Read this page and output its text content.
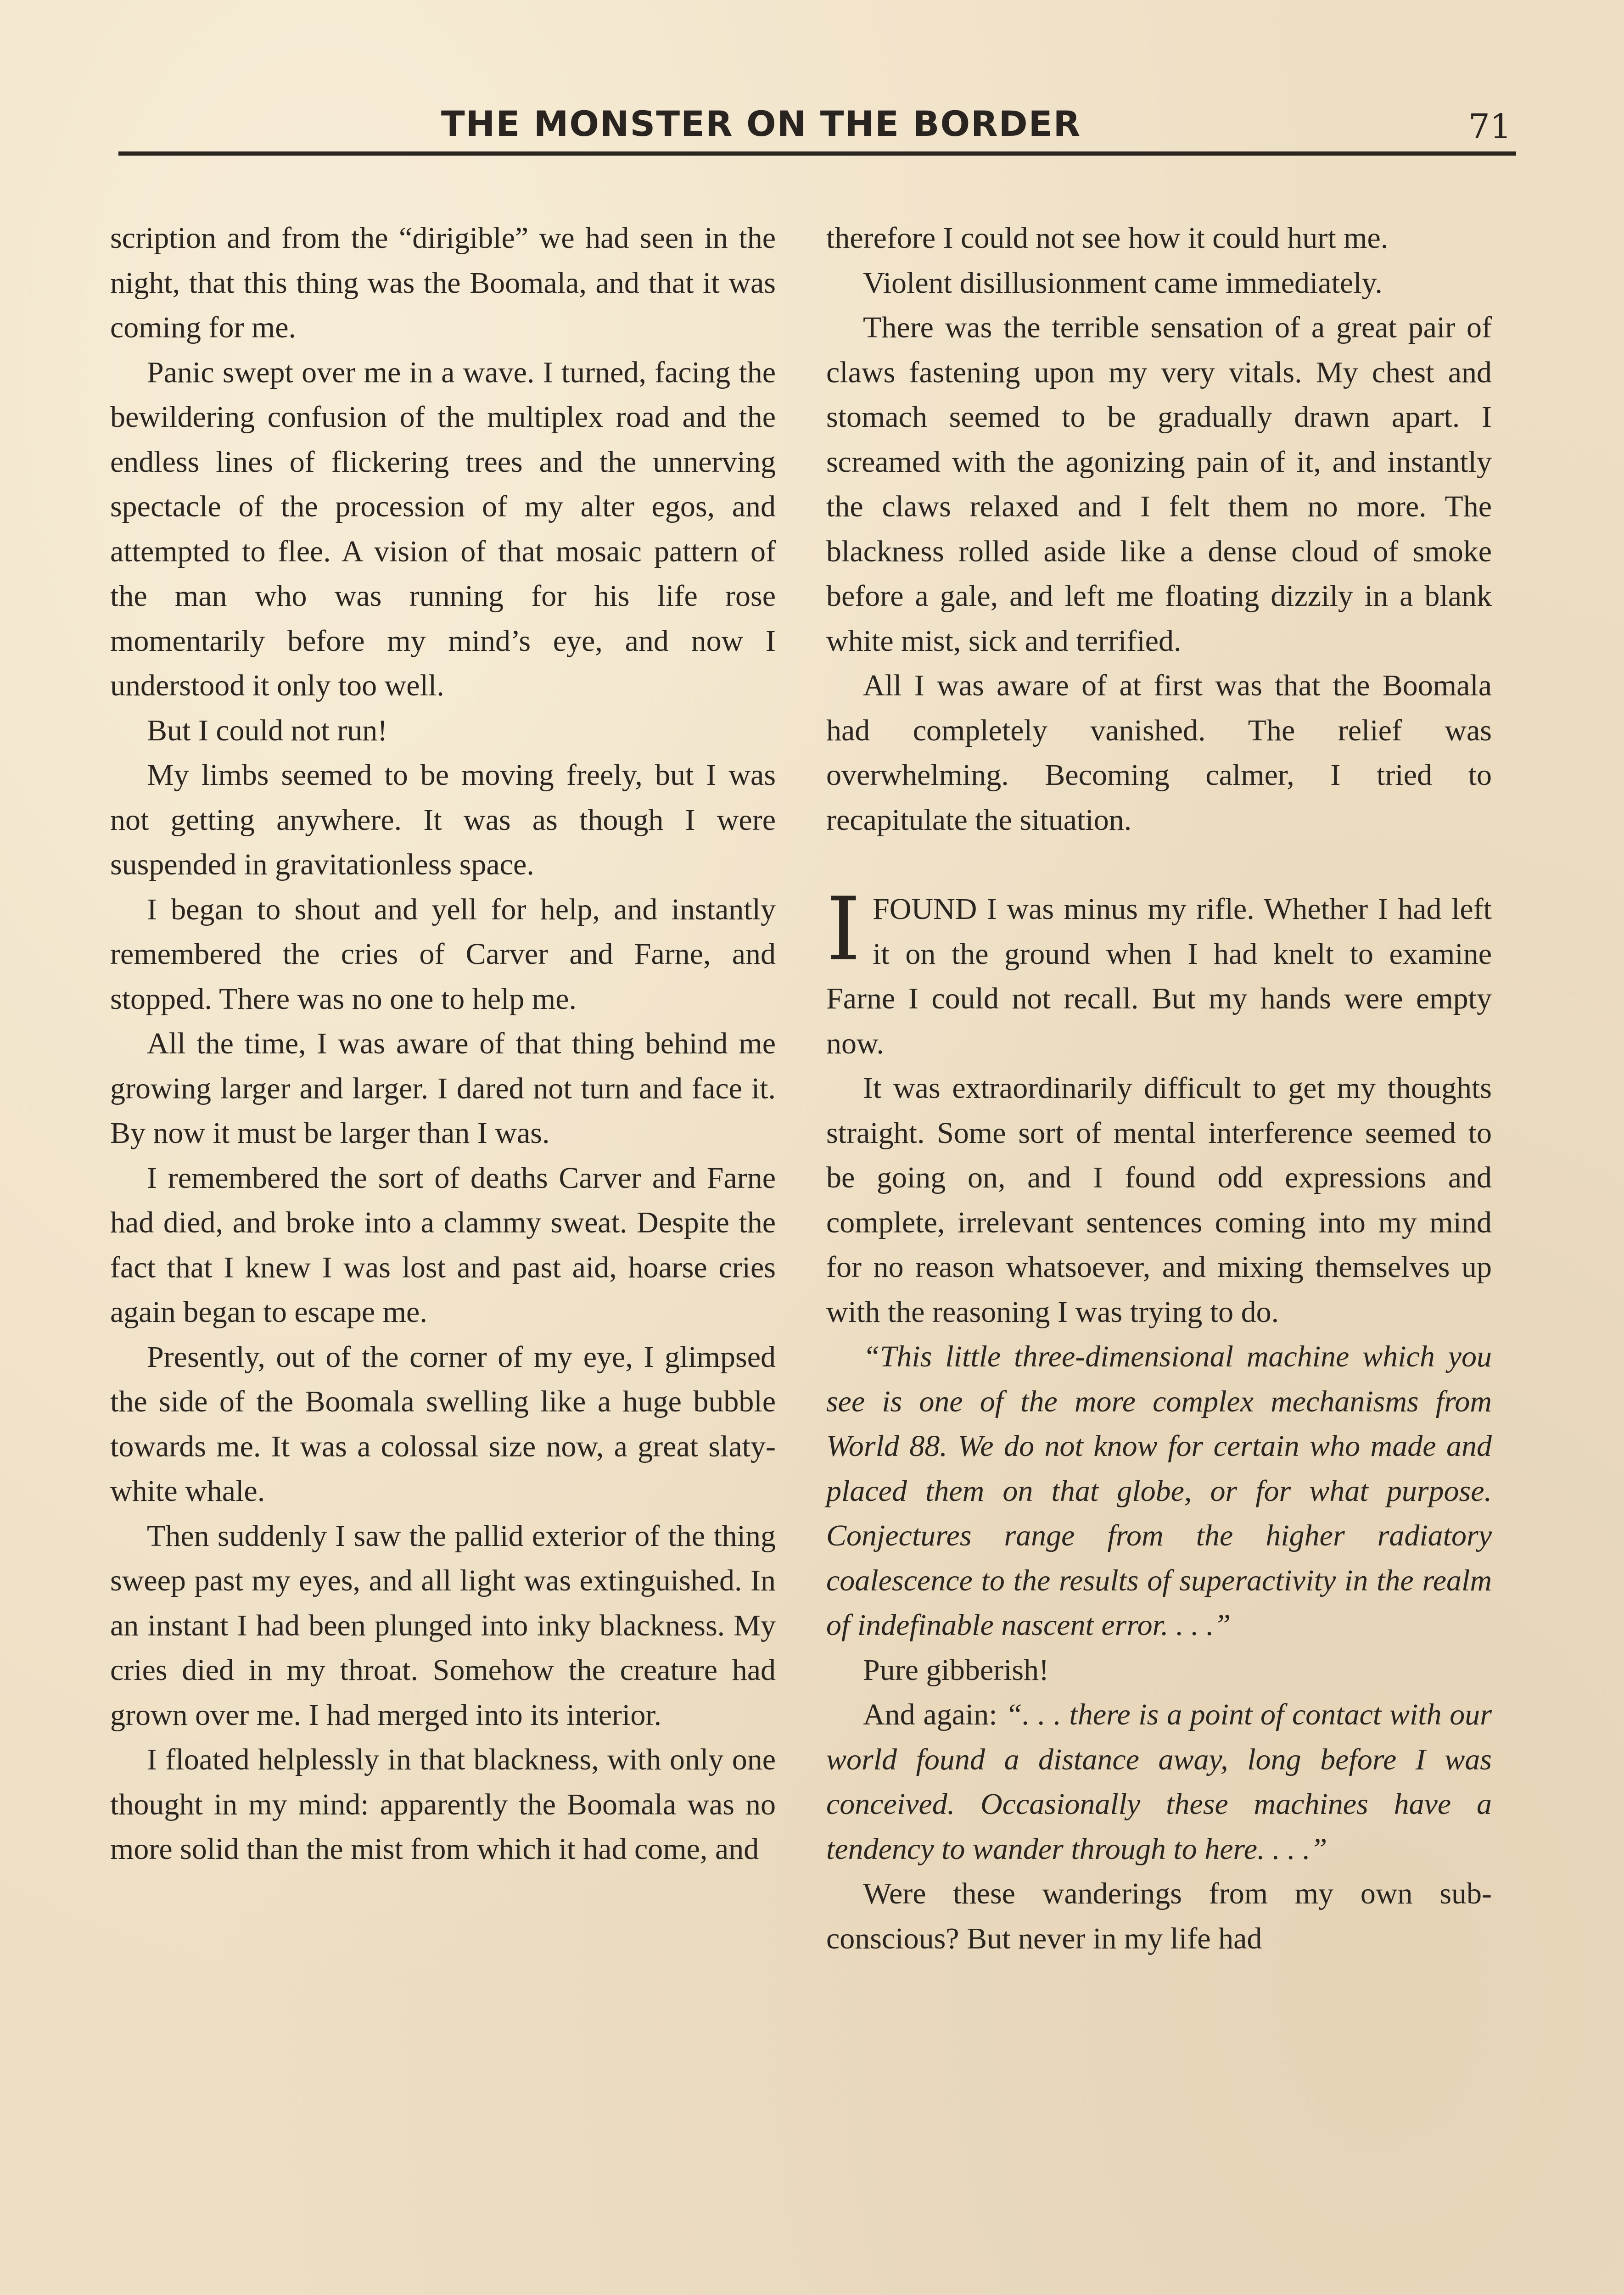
THE MONSTER ON THE BORDER	71

scription and from the “dirigible” we had seen in the night, that this thing was the Boomala, and that it was coming for me.

Panic swept over me in a wave. I turned, facing the bewildering confusion of the multiplex road and the endless lines of flickering trees and the unnerving spectacle of the procession of my alter egos, and attempted to flee. A vision of that mosaic pattern of the man who was running for his life rose momentarily before my mind’s eye, and now I understood it only too well.

But I could not run!

My limbs seemed to be moving freely, but I was not getting anywhere. It was as though I were suspended in gravitationless space.

I began to shout and yell for help, and instantly remembered the cries of Carver and Farne, and stopped. There was no one to help me.

All the time, I was aware of that thing behind me growing larger and larger. I dared not turn and face it. By now it must be larger than I was.

I remembered the sort of deaths Carver and Farne had died, and broke into a clammy sweat. Despite the fact that I knew I was lost and past aid, hoarse cries again began to escape me.

Presently, out of the corner of my eye, I glimpsed the side of the Boomala swelling like a huge bubble towards me. It was a colossal size now, a great slaty-white whale.

Then suddenly I saw the pallid exterior of the thing sweep past my eyes, and all light was extinguished. In an instant I had been plunged into inky blackness. My cries died in my throat. Somehow the creature had grown over me. I had merged into its interior.

I floated helplessly in that blackness, with only one thought in my mind: apparently the Boomala was no more solid than the mist from which it had come, and

therefore I could not see how it could hurt me.

Violent disillusionment came immediately.

There was the terrible sensation of a great pair of claws fastening upon my very vitals. My chest and stomach seemed to be gradually drawn apart. I screamed with the agonizing pain of it, and instantly the claws relaxed and I felt them no more. The blackness rolled aside like a dense cloud of smoke before a gale, and left me floating dizzily in a blank white mist, sick and terrified.

All I was aware of at first was that the Boomala had completely vanished. The relief was overwhelming. Becoming calmer, I tried to recapitulate the situation.

IFOUND I was minus my rifle. Whether I had left it on the ground when I had knelt to examine Farne I could not recall. But my hands were empty now.

It was extraordinarily difficult to get my thoughts straight. Some sort of mental interference seemed to be going on, and I found odd expressions and complete, irrelevant sentences coming into my mind for no reason whatsoever, and mixing themselves up with the reasoning I was trying to do.

“This little three-dimensional machine which you see is one of the more complex mechanisms from World 88. We do not know for certain who made and placed them on that globe, or for what purpose. Conjectures range from the higher radiatory coalescence to the results of superactivity in the realm of indefinable nascent error. . . .”

Pure gibberish!

And again: “. . . there is a point of contact with our world found a distance away, long before I was conceived. Occasionally these machines have a tendency to wander through to here. . . .”

Were these wanderings from my own sub-conscious? But never in my life had
